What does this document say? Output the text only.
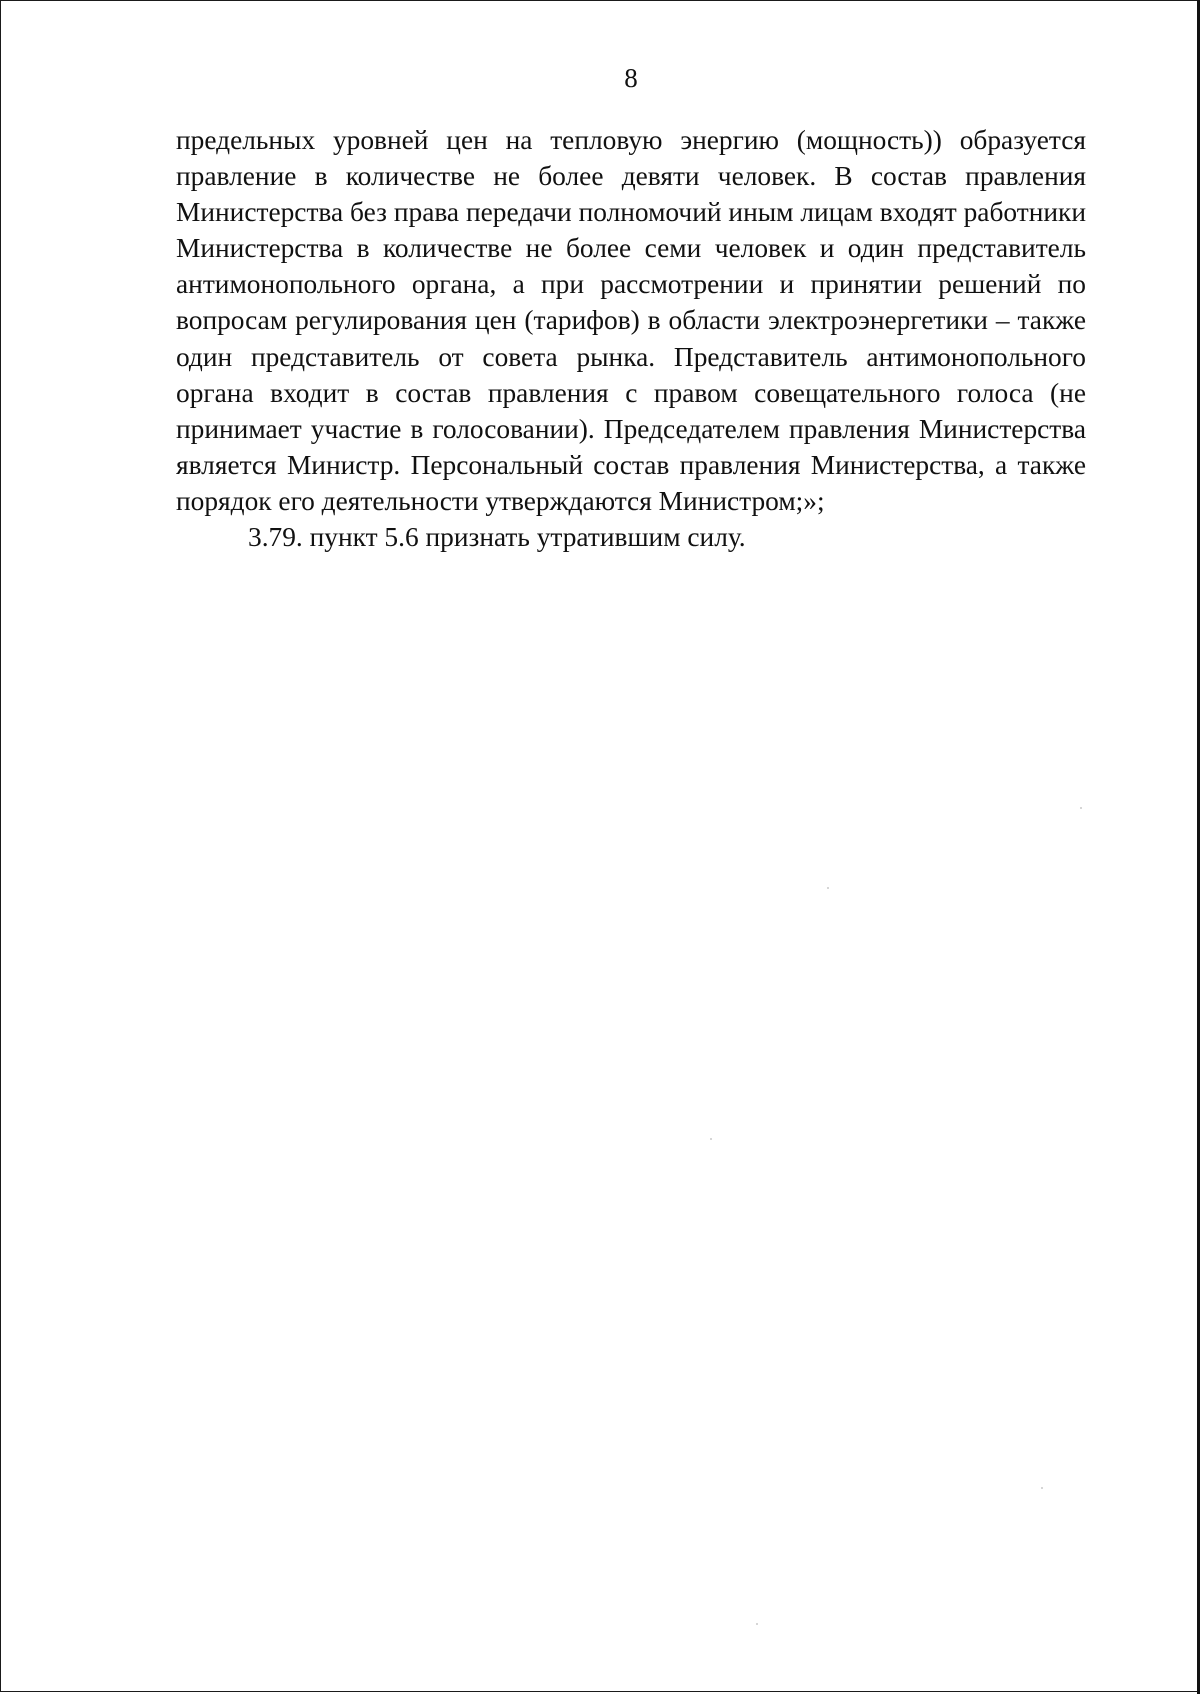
8

предельных уровней цен на тепловую энергию (мощность)) образуется правление в количестве не более девяти человек. В состав правления Министерства без права передачи полномочий иным лицам входят работники Министерства в количестве не более семи человек и один представитель антимонопольного органа, а при рассмотрении и принятии решений по вопросам регулирования цен (тарифов) в области электроэнергетики – также один представитель от совета рынка. Представитель антимонопольного органа входит в состав правления с правом совещательного голоса (не принимает участие в голосовании). Председателем правления Министерства является Министр. Персональный состав правления Министерства, а также порядок его деятельности утверждаются Министром;»;

3.79. пункт 5.6 признать утратившим силу.
